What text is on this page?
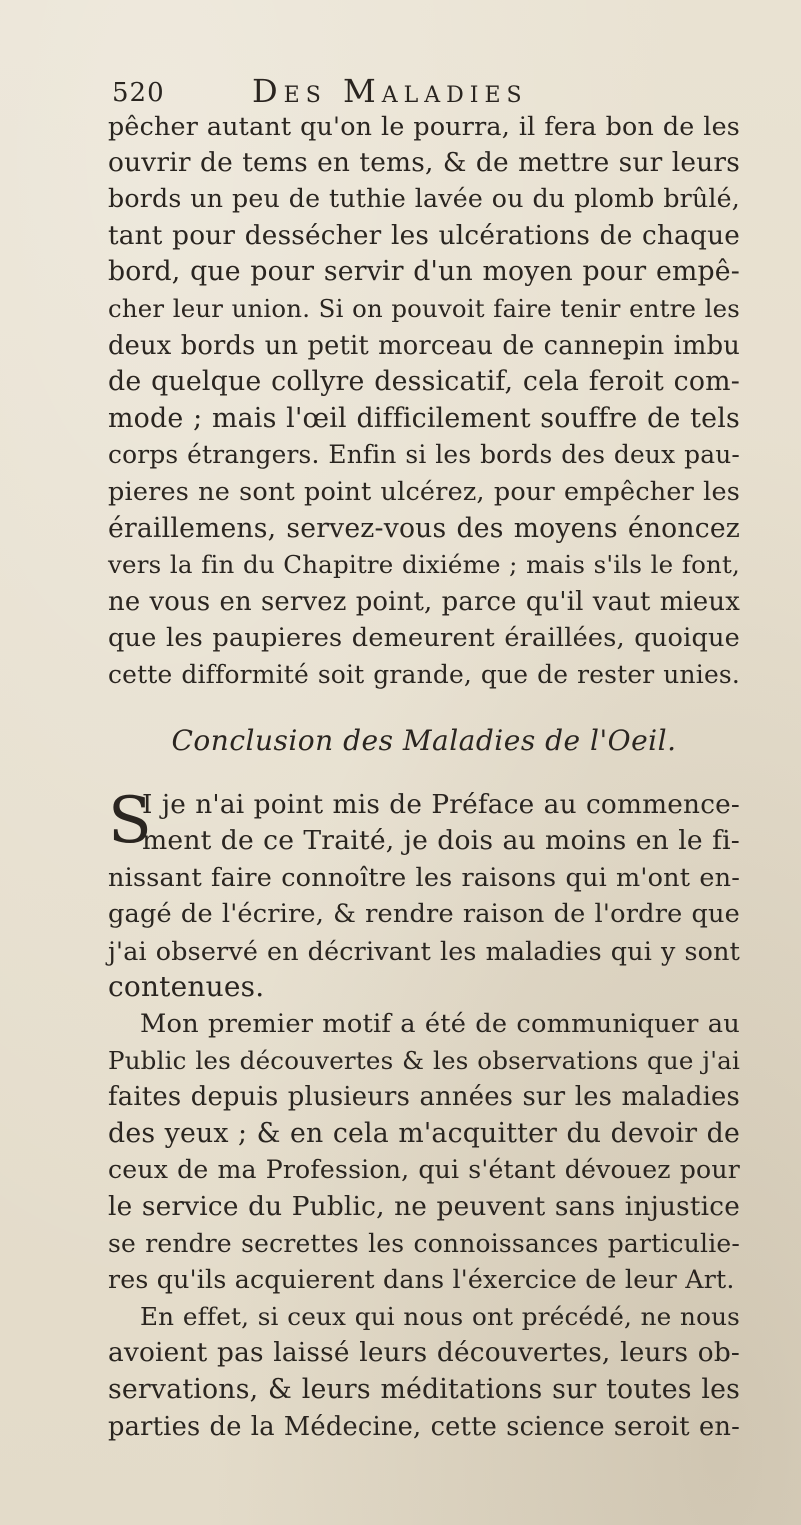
520	Des Maladies
pêcher autant qu'on le pourra, il fera bon de les
ouvrir de tems en tems, & de mettre sur leurs
bords un peu de tuthie lavée ou du plomb brûlé,
tant pour dessécher les ulcérations de chaque
bord, que pour servir d'un moyen pour empê-
cher leur union. Si on pouvoit faire tenir entre les
deux bords un petit morceau de cannepin imbu
de quelque collyre dessicatif, cela feroit com-
mode ; mais l'œil difficilement souffre de tels
corps étrangers. Enfin si les bords des deux pau-
pieres ne sont point ulcérez, pour empêcher les
éraillemens, servez-vous des moyens énoncez
vers la fin du Chapitre dixiéme ; mais s'ils le font,
ne vous en servez point, parce qu'il vaut mieux
que les paupieres demeurent éraillées, quoique
cette difformité soit grande, que de rester unies.
Conclusion des Maladies de l'Oeil.
S
I je n'ai point mis de Préface au commence-
ment de ce Traité, je dois au moins en le fi-
nissant faire connoître les raisons qui m'ont en-
gagé de l'écrire, & rendre raison de l'ordre que
j'ai observé en décrivant les maladies qui y sont
contenues.
Mon premier motif a été de communiquer au
Public les découvertes & les observations que j'ai
faites depuis plusieurs années sur les maladies
des yeux ; & en cela m'acquitter du devoir de
ceux de ma Profession, qui s'étant dévouez pour
le service du Public, ne peuvent sans injustice
se rendre secrettes les connoissances particulie-
res qu'ils acquierent dans l'éxercice de leur Art.
En effet, si ceux qui nous ont précédé, ne nous
avoient pas laissé leurs découvertes, leurs ob-
servations, & leurs méditations sur toutes les
parties de la Médecine, cette science seroit en-
